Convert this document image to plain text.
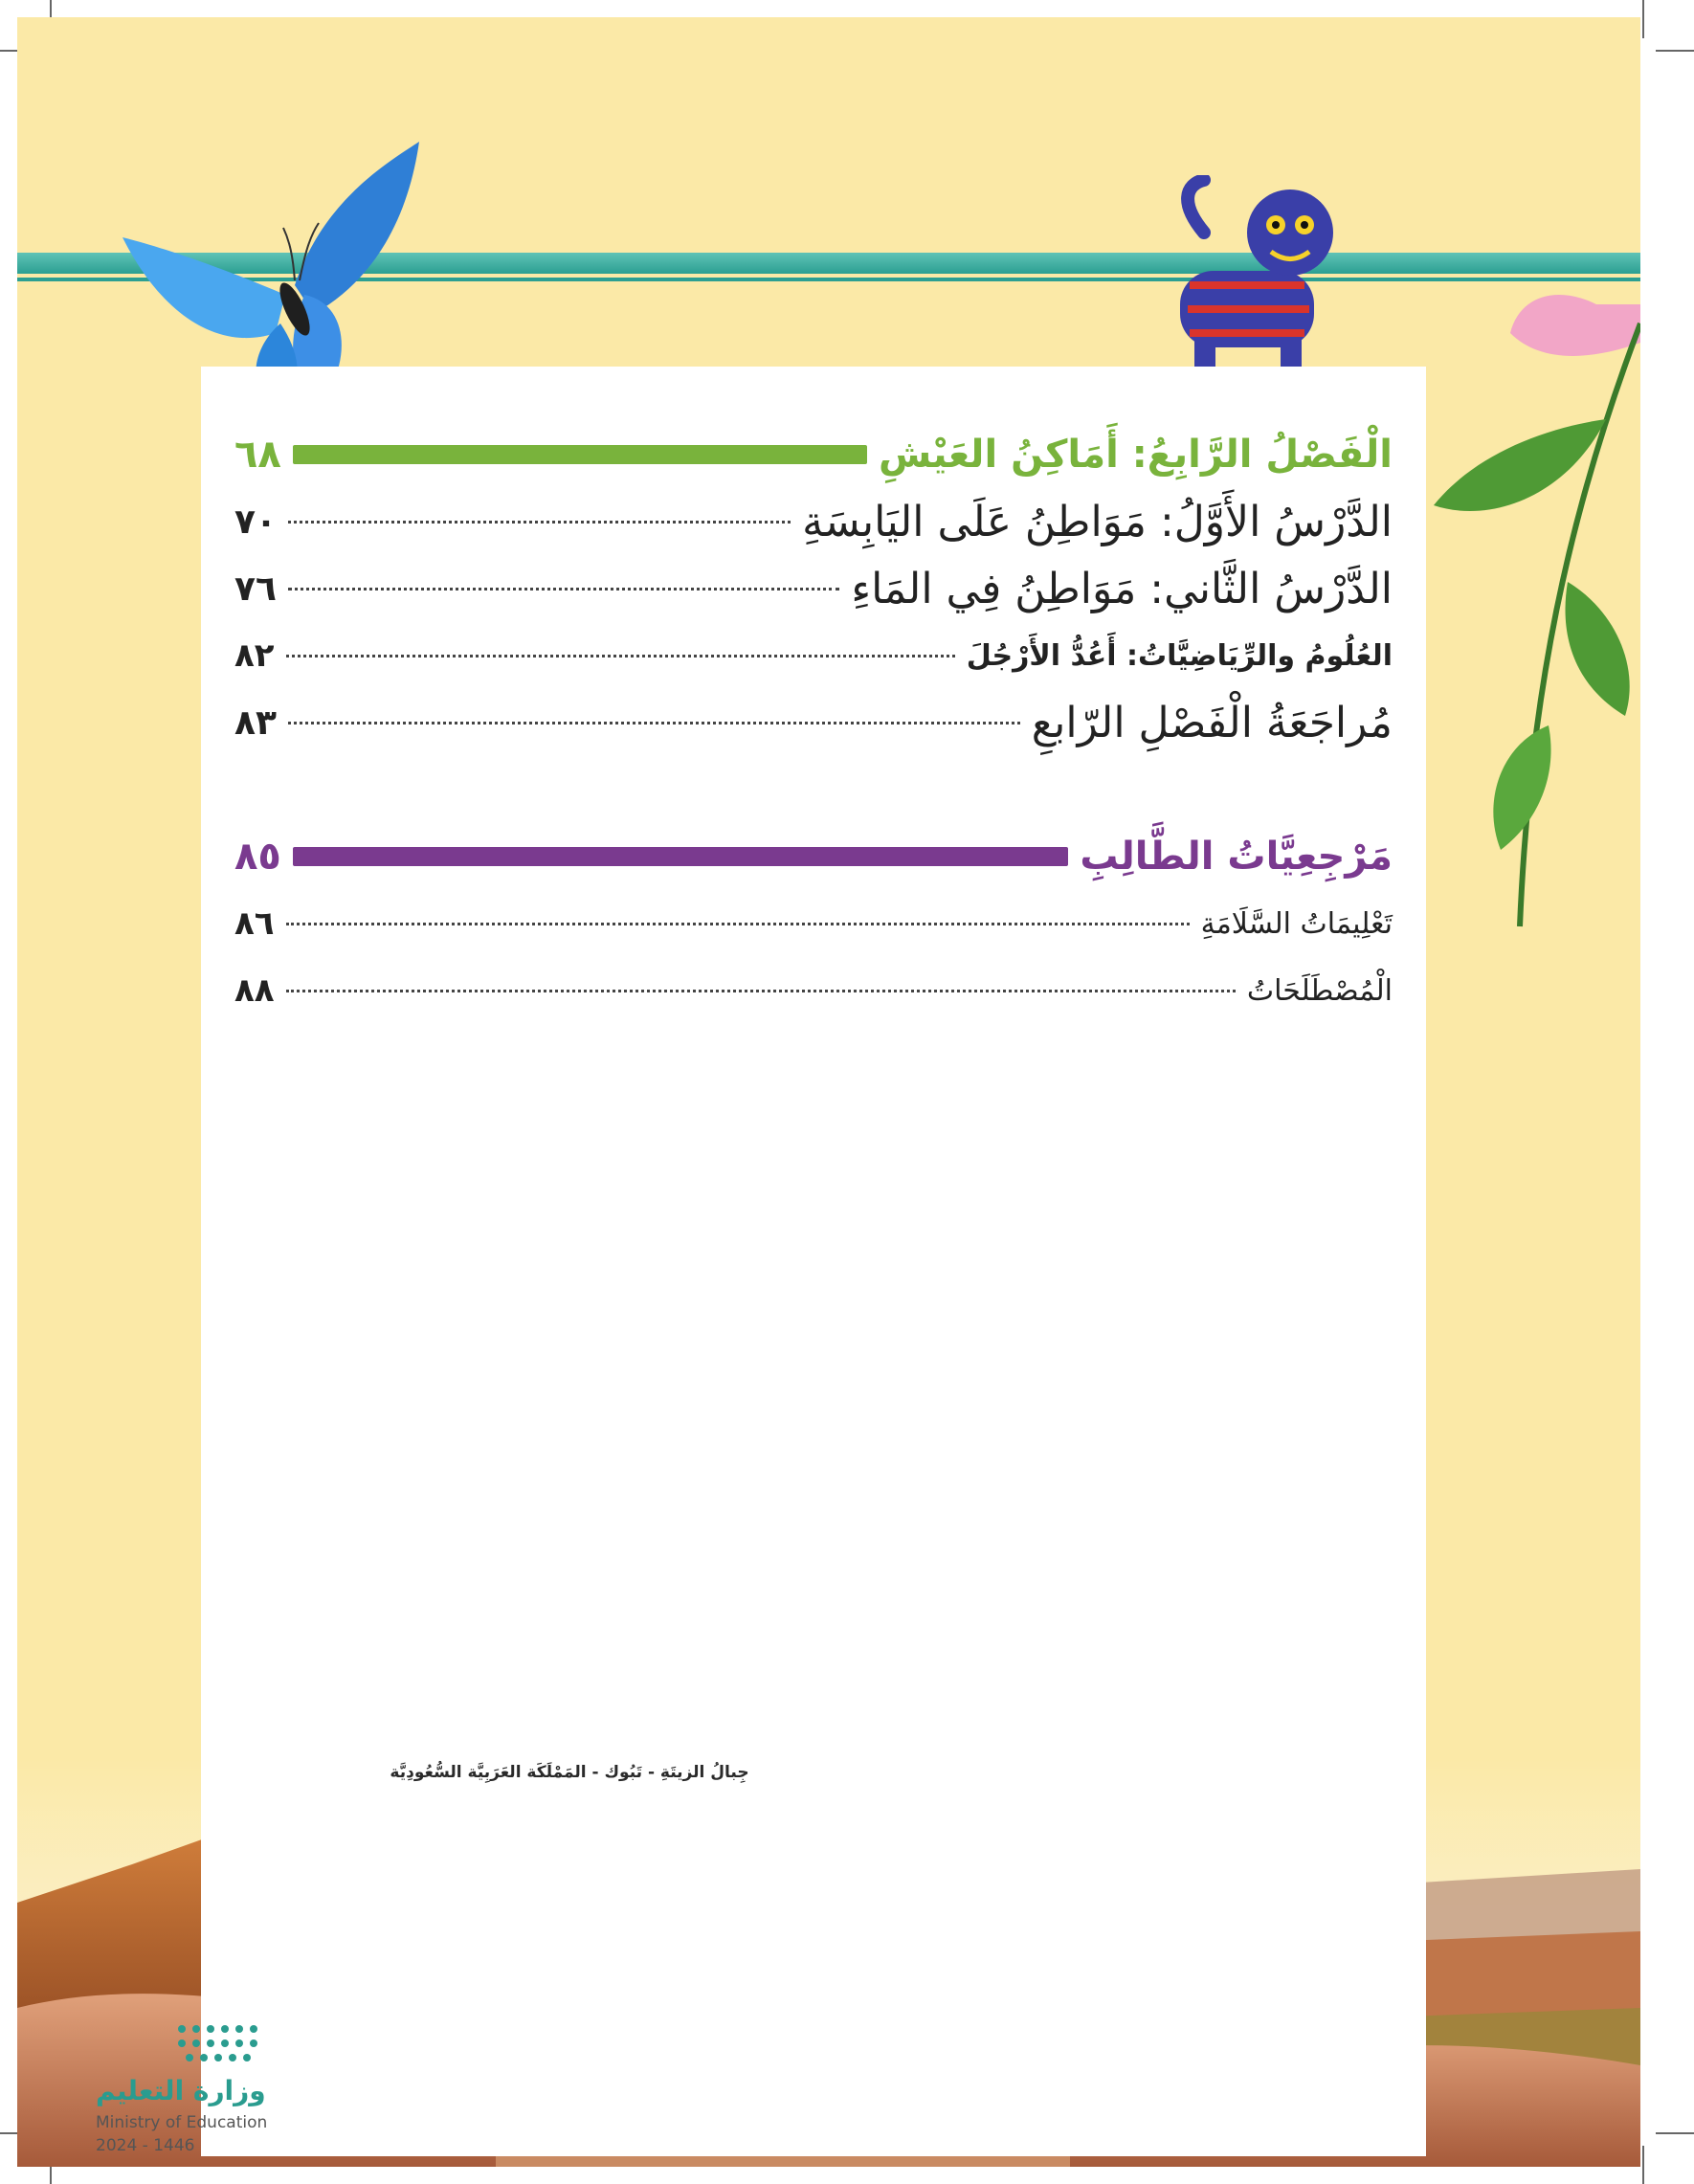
الْفَصْلُ الرَّابِعُ: أَمَاكِنُ العَيْشِ
٦٨
الدَّرْسُ الأَوَّلُ: مَوَاطِنُ عَلَى اليَابِسَةِ
٧٠
الدَّرْسُ الثَّاني: مَوَاطِنُ فِي المَاءِ
٧٦
العُلُومُ والرِّيَاضِيَّاتُ: أَعُدُّ الأَرْجُلَ
٨٢
مُراجَعَةُ الْفَصْلِ الرّابعِ
٨٣
مَرْجِعِيَّاتُ الطَّالِبِ
٨٥
تَعْلِيمَاتُ السَّلَامَةِ
٨٦
الْمُصْطَلَحَاتُ
٨٨
جِبالُ الزيتَةِ - تَبُوك - المَمْلَكَة العَرَبِيَّة السُّعُودِيَّة
وزارة التعليم
Ministry of Education
2024 - 1446
